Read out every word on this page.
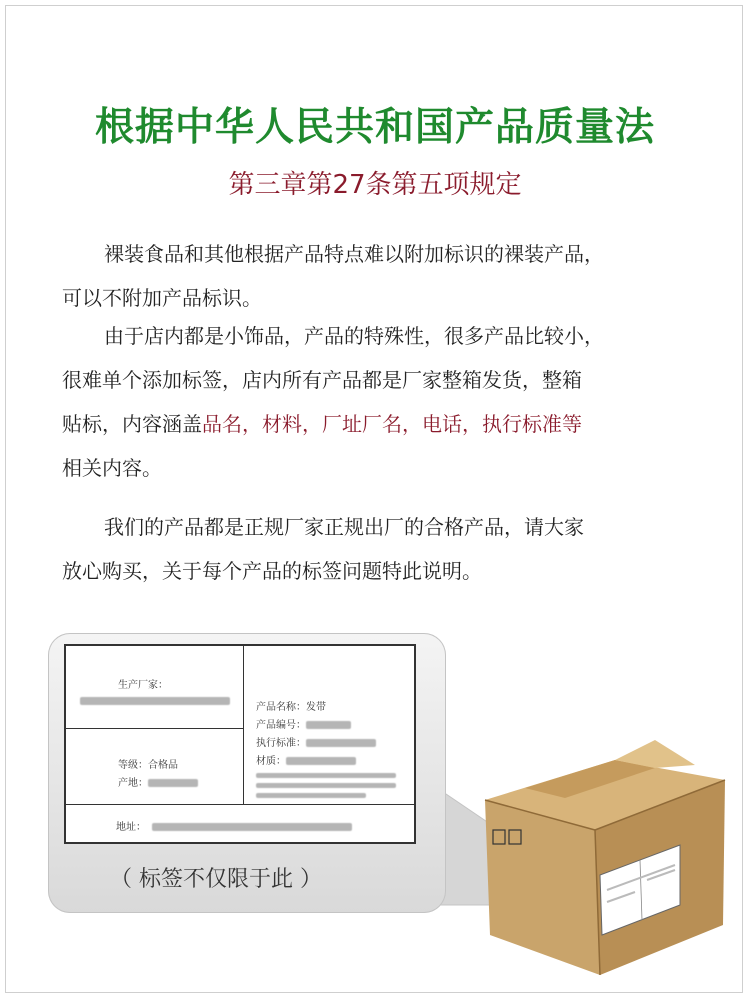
根据中华人民共和国产品质量法
第三章第27条第五项规定

裸装食品和其他根据产品特点难以附加标识的裸装产品，

可以不附加产品标识。

由于店内都是小饰品，产品的特殊性，很多产品比较小，

很难单个添加标签，店内所有产品都是厂家整箱发货，整箱

贴标，内容涵盖品名，材料，厂址厂名，电话，执行标准等

相关内容。

我们的产品都是正规厂家正规出厂的合格产品，请大家

放心购买，关于每个产品的标签问题特此说明。

生产厂家：
等级：合格品
产地：
产品名称：发带
产品编号：
执行标准：
材质：
地址：
（ 标签不仅限于此 ）
